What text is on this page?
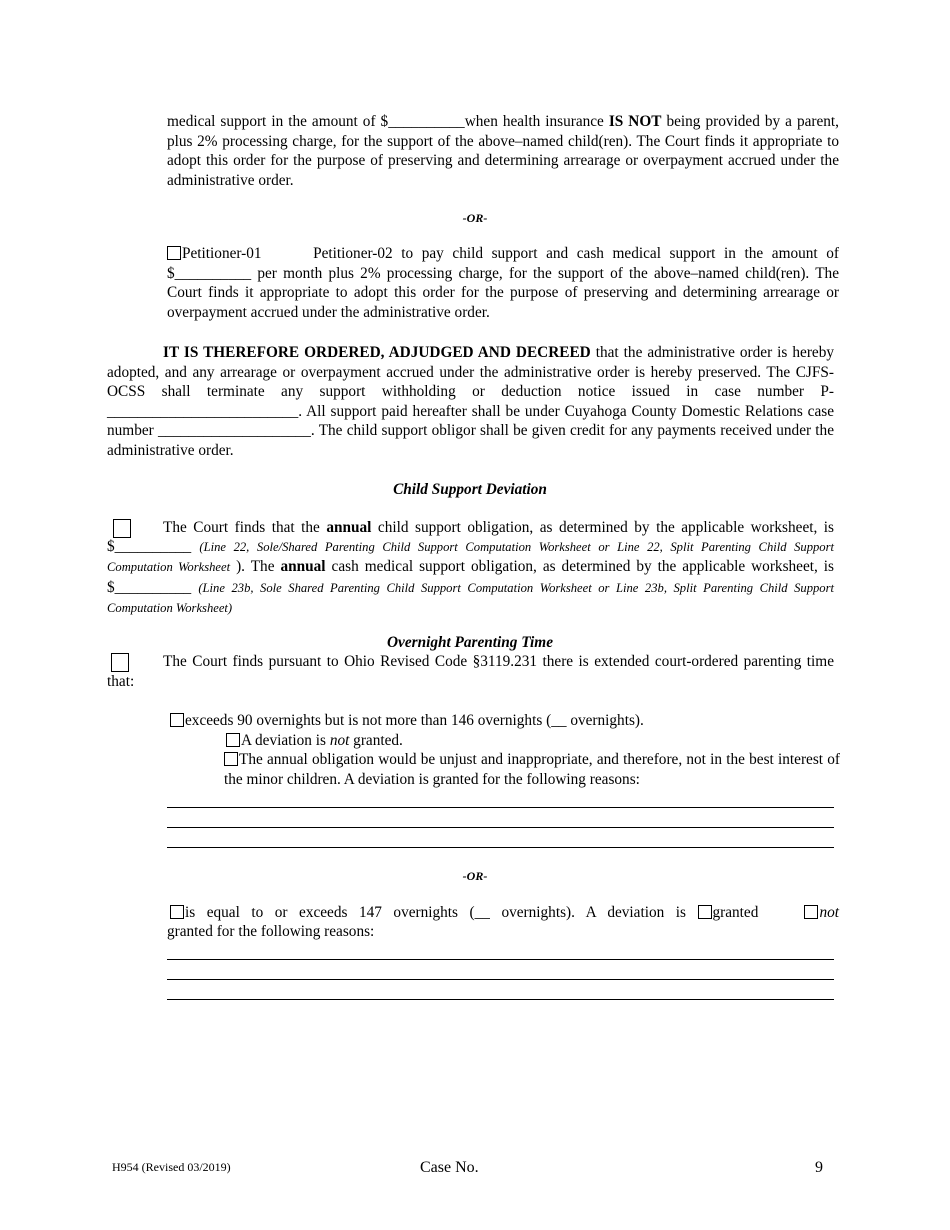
medical support in the amount of $__________when health insurance IS NOT being provided by a parent, plus 2% processing charge, for the support of the above–named child(ren). The Court finds it appropriate to adopt this order for the purpose of preserving and determining arrearage or overpayment accrued under the administrative order.

-OR-

Petitioner-01	Petitioner-02 to pay child support and cash medical support in the amount of $__________ per month plus 2% processing charge, for the support of the above–named child(ren). The Court finds it appropriate to adopt this order for the purpose of preserving and determining arrearage or overpayment accrued under the administrative order.

IT IS THEREFORE ORDERED, ADJUDGED AND DECREED that the administrative order is hereby adopted, and any arrearage or overpayment accrued under the administrative order is hereby preserved. The CJFS-OCSS shall terminate any support withholding or deduction notice issued in case number P-_________________________. All support paid hereafter shall be under Cuyahoga County Domestic Relations case number ____________________. The child support obligor shall be given credit for any payments received under the administrative order.

Child Support Deviation

The Court finds that the annual child support obligation, as determined by the applicable worksheet, is $__________ (Line 22, Sole/Shared Parenting Child Support Computation Worksheet or Line 22, Split Parenting Child Support Computation Worksheet ). The annual cash medical support obligation, as determined by the applicable worksheet, is $__________ (Line 23b, Sole Shared Parenting Child Support Computation Worksheet or Line 23b, Split Parenting Child Support Computation Worksheet)

Overnight Parenting Time

The Court finds pursuant to Ohio Revised Code §3119.231 there is extended court-ordered parenting time that:

exceeds 90 overnights but is not more than 146 overnights (__ overnights).
A deviation is not granted.

The annual obligation would be unjust and inappropriate, and therefore, not in the best interest of the minor children. A deviation is granted for the following reasons:

-OR-

is equal to or exceeds 147 overnights (__ overnights). A deviation is granted	not

granted for the following reasons:
H954 (Revised 03/2019)	Case No.	9
